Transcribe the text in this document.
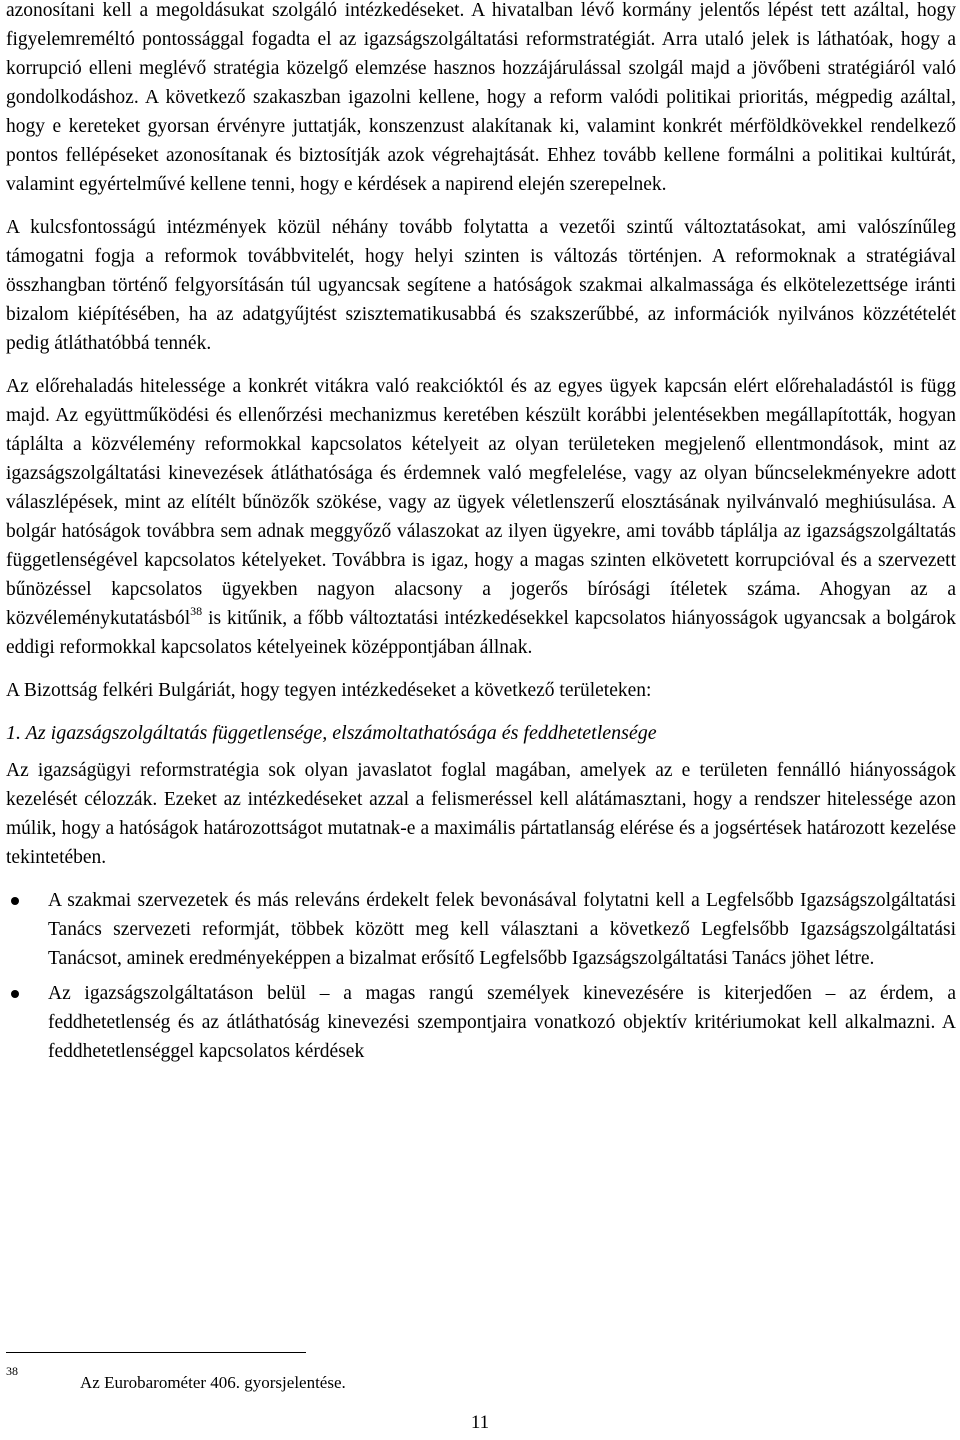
azonosítani kell a megoldásukat szolgáló intézkedéseket. A hivatalban lévő kormány jelentős lépést tett azáltal, hogy figyelemreméltó pontossággal fogadta el az igazságszolgáltatási reformstratégiát. Arra utaló jelek is láthatóak, hogy a korrupció elleni meglévő stratégia közelgő elemzése hasznos hozzájárulással szolgál majd a jövőbeni stratégiáról való gondolkodáshoz. A következő szakaszban igazolni kellene, hogy a reform valódi politikai prioritás, mégpedig azáltal, hogy e kereteket gyorsan érvényre juttatják, konszenzust alakítanak ki, valamint konkrét mérföldkövekkel rendelkező pontos fellépéseket azonosítanak és biztosítják azok végrehajtását. Ehhez tovább kellene formálni a politikai kultúrát, valamint egyértelművé kellene tenni, hogy e kérdések a napirend elején szerepelnek.

A kulcsfontosságú intézmények közül néhány tovább folytatta a vezetői szintű változtatásokat, ami valószínűleg támogatni fogja a reformok továbbvitelét, hogy helyi szinten is változás történjen. A reformoknak a stratégiával összhangban történő felgyorsításán túl ugyancsak segítene a hatóságok szakmai alkalmassága és elkötelezettsége iránti bizalom kiépítésében, ha az adatgyűjtést szisztematikusabbá és szakszerűbbé, az információk nyilvános közzétételét pedig átláthatóbbá tennék.

Az előrehaladás hitelessége a konkrét vitákra való reakcióktól és az egyes ügyek kapcsán elért előrehaladástól is függ majd. Az együttműködési és ellenőrzési mechanizmus keretében készült korábbi jelentésekben megállapították, hogyan táplálta a közvélemény reformokkal kapcsolatos kételyeit az olyan területeken megjelenő ellentmondások, mint az igazságszolgáltatási kinevezések átláthatósága és érdemnek való megfelelése, vagy az olyan bűncselekményekre adott válaszlépések, mint az elítélt bűnözők szökése, vagy az ügyek véletlenszerű elosztásának nyilvánvaló meghiúsulása. A bolgár hatóságok továbbra sem adnak meggyőző válaszokat az ilyen ügyekre, ami tovább táplálja az igazságszolgáltatás függetlenségével kapcsolatos kételyeket. Továbbra is igaz, hogy a magas szinten elkövetett korrupcióval és a szervezett bűnözéssel kapcsolatos ügyekben nagyon alacsony a jogerős bírósági ítéletek száma. Ahogyan az a közvéleménykutatásból$^{38}$ is kitűnik, a főbb változtatási intézkedésekkel kapcsolatos hiányosságok ugyancsak a bolgárok eddigi reformokkal kapcsolatos kételyeinek középpontjában állnak.

A Bizottság felkéri Bulgáriát, hogy tegyen intézkedéseket a következő területeken:

1. Az igazságszolgáltatás függetlensége, elszámoltathatósága és feddhetetlensége

Az igazságügyi reformstratégia sok olyan javaslatot foglal magában, amelyek az e területen fennálló hiányosságok kezelését célozzák. Ezeket az intézkedéseket azzal a felismeréssel kell alátámasztani, hogy a rendszer hitelessége azon múlik, hogy a hatóságok határozottságot mutatnak-e a maximális pártatlanság elérése és a jogsértések határozott kezelése tekintetében.

A szakmai szervezetek és más releváns érdekelt felek bevonásával folytatni kell a Legfelsőbb Igazságszolgáltatási Tanács szervezeti reformját, többek között meg kell választani a következő Legfelsőbb Igazságszolgáltatási Tanácsot, aminek eredményeképpen a bizalmat erősítő Legfelsőbb Igazságszolgáltatási Tanács jöhet létre.

Az igazságszolgáltatáson belül – a magas rangú személyek kinevezésére is kiterjedően – az érdem, a feddhetetlenség és az átláthatóság kinevezési szempontjaira vonatkozó objektív kritériumokat kell alkalmazni. A feddhetetlenséggel kapcsolatos kérdések

38
Az Eurobarométer 406. gyorsjelentése.
11
